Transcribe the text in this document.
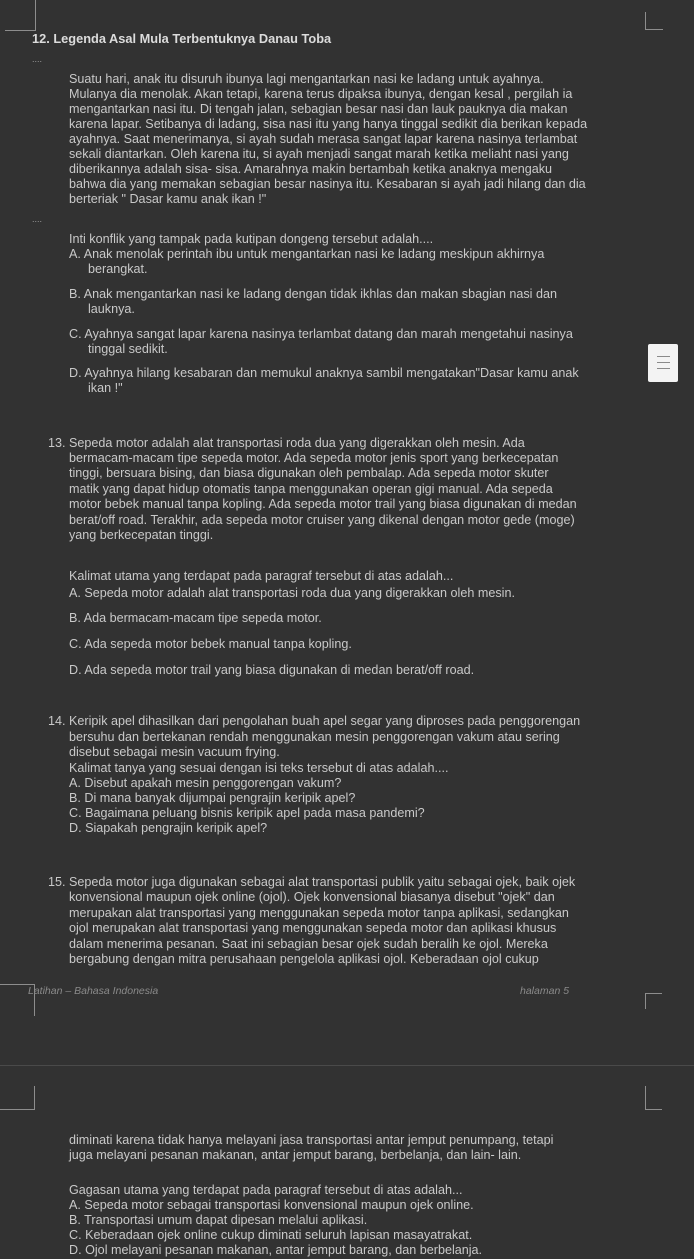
12. Legenda Asal Mula Terbentuknya Danau Toba
....
Suatu hari, anak itu disuruh ibunya lagi mengantarkan nasi ke ladang untuk ayahnya.
Mulanya dia menolak. Akan tetapi, karena terus dipaksa ibunya, dengan kesal , pergilah ia
mengantarkan nasi itu. Di tengah jalan, sebagian besar nasi dan lauk pauknya dia makan
karena lapar. Setibanya di ladang, sisa nasi itu yang hanya tinggal sedikit dia berikan kepada
ayahnya. Saat menerimanya, si ayah sudah merasa sangat lapar karena nasinya terlambat
sekali diantarkan. Oleh karena itu, si ayah menjadi sangat marah ketika meliaht nasi yang
diberikannya adalah sisa- sisa. Amarahnya makin bertambah ketika anaknya mengaku
bahwa dia yang memakan sebagian besar nasinya itu. Kesabaran si ayah jadi hilang dan dia
berteriak " Dasar kamu anak ikan !"
....
Inti konflik yang tampak pada kutipan dongeng tersebut adalah....
A. Anak menolak perintah ibu untuk mengantarkan nasi ke ladang meskipun akhirnya
berangkat.
B. Anak mengantarkan nasi ke ladang dengan tidak ikhlas dan makan sbagian nasi dan
lauknya.
C. Ayahnya sangat lapar karena nasinya terlambat datang dan marah mengetahui nasinya
tinggal sedikit.
D. Ayahnya hilang kesabaran dan memukul anaknya sambil mengatakan"Dasar kamu anak
ikan !"
13. Sepeda motor adalah alat transportasi roda dua yang digerakkan oleh mesin. Ada
bermacam-macam tipe sepeda motor. Ada sepeda motor jenis sport yang berkecepatan
tinggi, bersuara bising, dan biasa digunakan oleh pembalap. Ada sepeda motor skuter
matik yang dapat hidup otomatis tanpa menggunakan operan gigi manual. Ada sepeda
motor bebek manual tanpa kopling. Ada sepeda motor trail yang biasa digunakan di medan
berat/off road. Terakhir, ada sepeda motor cruiser yang dikenal dengan motor gede (moge)
yang berkecepatan tinggi.
Kalimat utama yang terdapat pada paragraf tersebut di atas adalah...
A. Sepeda motor adalah alat transportasi roda dua yang digerakkan oleh mesin.
B. Ada bermacam-macam tipe sepeda motor.
C. Ada sepeda motor bebek manual tanpa kopling.
D. Ada sepeda motor trail yang biasa digunakan di medan berat/off road.
14. Keripik apel dihasilkan dari pengolahan buah apel segar yang diproses pada penggorengan
bersuhu dan bertekanan rendah menggunakan mesin penggorengan vakum atau sering
disebut sebagai mesin vacuum frying.
Kalimat tanya yang sesuai dengan isi teks tersebut di atas adalah....
A. Disebut apakah mesin penggorengan vakum?
B. Di mana banyak dijumpai pengrajin keripik apel?
C. Bagaimana peluang bisnis keripik apel pada masa pandemi?
D. Siapakah pengrajin keripik apel?
15. Sepeda motor juga digunakan sebagai alat transportasi publik yaitu sebagai ojek, baik ojek
konvensional maupun ojek online (ojol). Ojek konvensional biasanya disebut "ojek" dan
merupakan alat transportasi yang menggunakan sepeda motor tanpa aplikasi, sedangkan
ojol merupakan alat transportasi yang menggunakan sepeda motor dan aplikasi khusus
dalam menerima pesanan. Saat ini sebagian besar ojek sudah beralih ke ojol. Mereka
bergabung dengan mitra perusahaan pengelola aplikasi ojol. Keberadaan ojol cukup
Latihan – Bahasa Indonesia	halaman 5
diminati karena tidak hanya melayani jasa transportasi antar jemput penumpang, tetapi
juga melayani pesanan makanan, antar jemput barang, berbelanja, dan lain- lain.
Gagasan utama yang terdapat pada paragraf tersebut di atas adalah...
A. Sepeda motor sebagai transportasi konvensional maupun ojek online.
B. Transportasi umum dapat dipesan melalui aplikasi.
C. Keberadaan ojek online cukup diminati seluruh lapisan masayatrakat.
D. Ojol melayani pesanan makanan, antar jemput barang, dan berbelanja.
